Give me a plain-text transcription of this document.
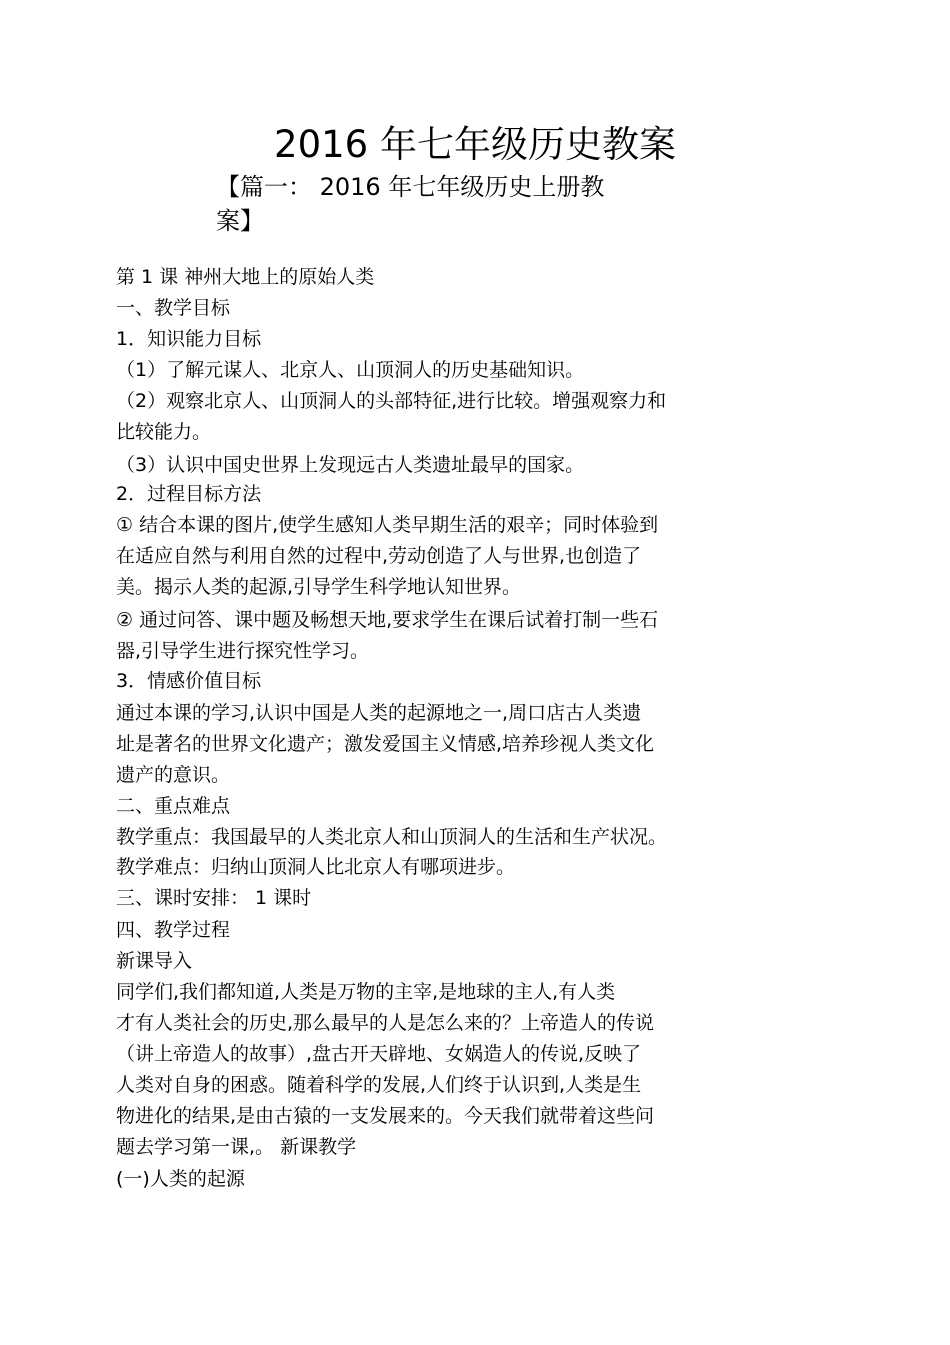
2016 年七年级历史教案
【篇一： 2016 年七年级历史上册教
案】
第 1 课 神州大地上的原始人类
一、教学目标
1．知识能力目标
（1）了解元谋人、北京人、山顶洞人的历史基础知识。
（2）观察北京人、山顶洞人的头部特征,进行比较。增强观察力和
比较能力。
（3）认识中国史世界上发现远古人类遗址最早的国家。
2．过程目标方法
① 结合本课的图片,使学生感知人类早期生活的艰辛；同时体验到
在适应自然与利用自然的过程中,劳动创造了人与世界,也创造了
美。揭示人类的起源,引导学生科学地认知世界。
② 通过问答、课中题及畅想天地,要求学生在课后试着打制一些石
器,引导学生进行探究性学习。
3．情感价值目标
通过本课的学习,认识中国是人类的起源地之一,周口店古人类遗
址是著名的世界文化遗产；激发爱国主义情感,培养珍视人类文化
遗产的意识。
二、重点难点
教学重点：我国最早的人类北京人和山顶洞人的生活和生产状况。
教学难点：归纳山顶洞人比北京人有哪项进步。
三、课时安排： 1 课时
四、教学过程
新课导入
同学们,我们都知道,人类是万物的主宰,是地球的主人,有人类
才有人类社会的历史,那么最早的人是怎么来的？上帝造人的传说
（讲上帝造人的故事）,盘古开天辟地、女娲造人的传说,反映了
人类对自身的困惑。随着科学的发展,人们终于认识到,人类是生
物进化的结果,是由古猿的一支发展来的。今天我们就带着这些问
题去学习第一课,。 新课教学
(一)人类的起源
